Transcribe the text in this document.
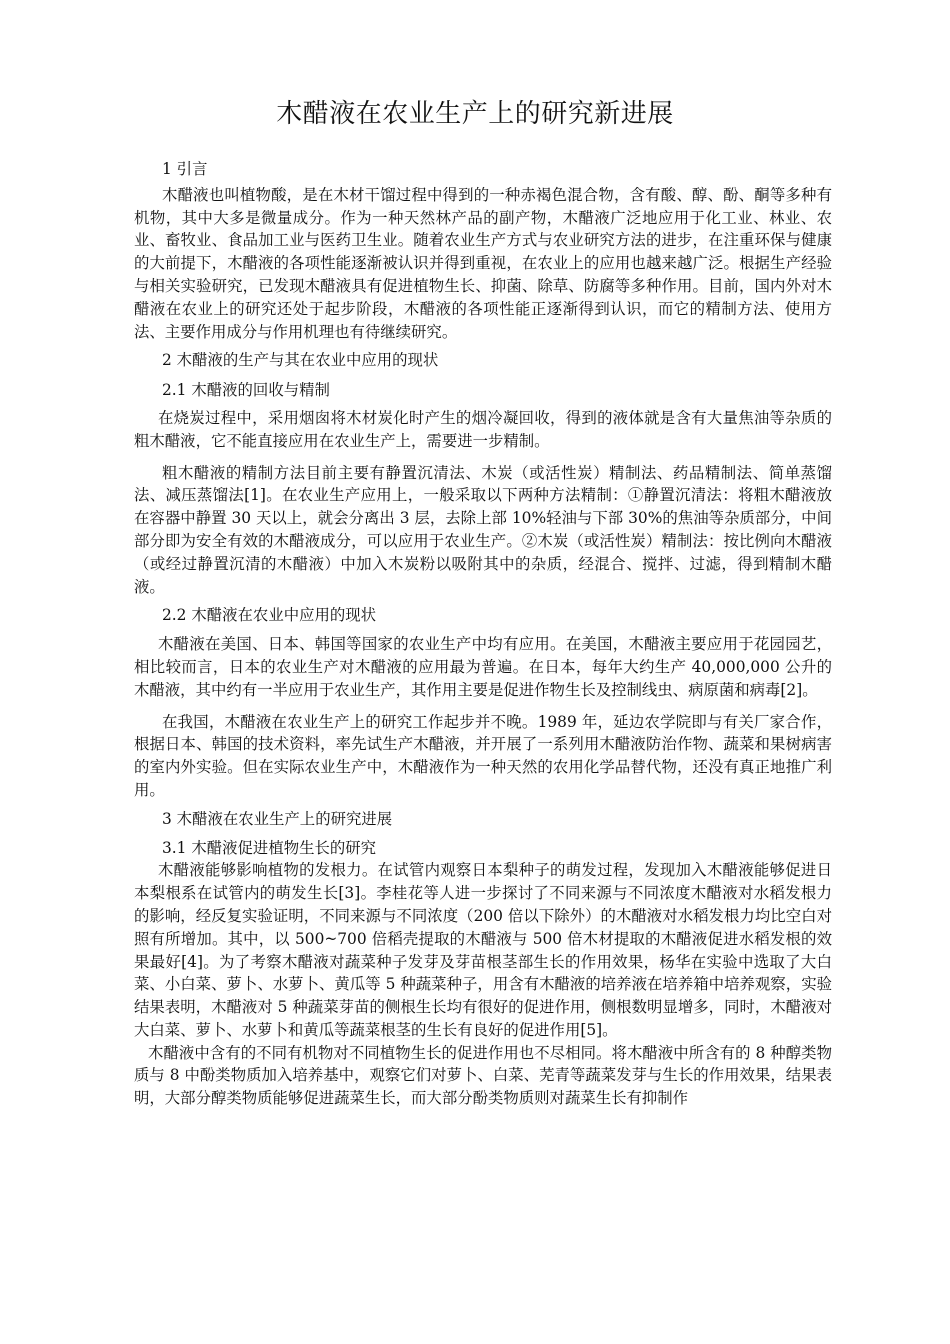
木醋液在农业生产上的研究新进展
1 引言

木醋液也叫植物酸，是在木材干馏过程中得到的一种赤褐色混合物，含有酸、醇、酚、酮等多种有机物，其中大多是微量成分。作为一种天然林产品的副产物，木醋液广泛地应用于化工业、林业、农业、畜牧业、食品加工业与医药卫生业。随着农业生产方式与农业研究方法的进步，在注重环保与健康的大前提下，木醋液的各项性能逐渐被认识并得到重视，在农业上的应用也越来越广泛。根据生产经验与相关实验研究，已发现木醋液具有促进植物生长、抑菌、除草、防腐等多种作用。目前，国内外对木醋液在农业上的研究还处于起步阶段，木醋液的各项性能正逐渐得到认识，而它的精制方法、使用方法、主要作用成分与作用机理也有待继续研究。

2 木醋液的生产与其在农业中应用的现状
2.1 木醋液的回收与精制

在烧炭过程中，采用烟囱将木材炭化时产生的烟冷凝回收，得到的液体就是含有大量焦油等杂质的粗木醋液，它不能直接应用在农业生产上，需要进一步精制。

粗木醋液的精制方法目前主要有静置沉清法、木炭（或活性炭）精制法、药品精制法、简单蒸馏法、减压蒸馏法[1]。在农业生产应用上，一般采取以下两种方法精制：①静置沉清法：将粗木醋液放在容器中静置 30 天以上，就会分离出 3 层，去除上部 10%轻油与下部 30%的焦油等杂质部分，中间部分即为安全有效的木醋液成分，可以应用于农业生产。②木炭（或活性炭）精制法：按比例向木醋液（或经过静置沉清的木醋液）中加入木炭粉以吸附其中的杂质，经混合、搅拌、过滤，得到精制木醋液。

2.2 木醋液在农业中应用的现状

木醋液在美国、日本、韩国等国家的农业生产中均有应用。在美国，木醋液主要应用于花园园艺，相比较而言，日本的农业生产对木醋液的应用最为普遍。在日本，每年大约生产 40,000,000 公升的木醋液，其中约有一半应用于农业生产，其作用主要是促进作物生长及控制线虫、病原菌和病毒[2]。

在我国，木醋液在农业生产上的研究工作起步并不晚。1989 年，延边农学院即与有关厂家合作，根据日本、韩国的技术资料，率先试生产木醋液，并开展了一系列用木醋液防治作物、蔬菜和果树病害的室内外实验。但在实际农业生产中，木醋液作为一种天然的农用化学品替代物，还没有真正地推广利用。

3 木醋液在农业生产上的研究进展
3.1 木醋液促进植物生长的研究

木醋液能够影响植物的发根力。在试管内观察日本梨种子的萌发过程，发现加入木醋液能够促进日本梨根系在试管内的萌发生长[3]。李桂花等人进一步探讨了不同来源与不同浓度木醋液对水稻发根力的影响，经反复实验证明，不同来源与不同浓度（200 倍以下除外）的木醋液对水稻发根力均比空白对照有所增加。其中，以 500~700 倍稻壳提取的木醋液与 500 倍木材提取的木醋液促进水稻发根的效果最好[4]。为了考察木醋液对蔬菜种子发芽及芽苗根茎部生长的作用效果，杨华在实验中选取了大白菜、小白菜、萝卜、水萝卜、黄瓜等 5 种蔬菜种子，用含有木醋液的培养液在培养箱中培养观察，实验结果表明，木醋液对 5 种蔬菜芽苗的侧根生长均有很好的促进作用，侧根数明显增多，同时，木醋液对大白菜、萝卜、水萝卜和黄瓜等蔬菜根茎的生长有良好的促进作用[5]。

木醋液中含有的不同有机物对不同植物生长的促进作用也不尽相同。将木醋液中所含有的 8 种醇类物质与 8 中酚类物质加入培养基中，观察它们对萝卜、白菜、芜青等蔬菜发芽与生长的作用效果，结果表明，大部分醇类物质能够促进蔬菜生长，而大部分酚类物质则对蔬菜生长有抑制作
